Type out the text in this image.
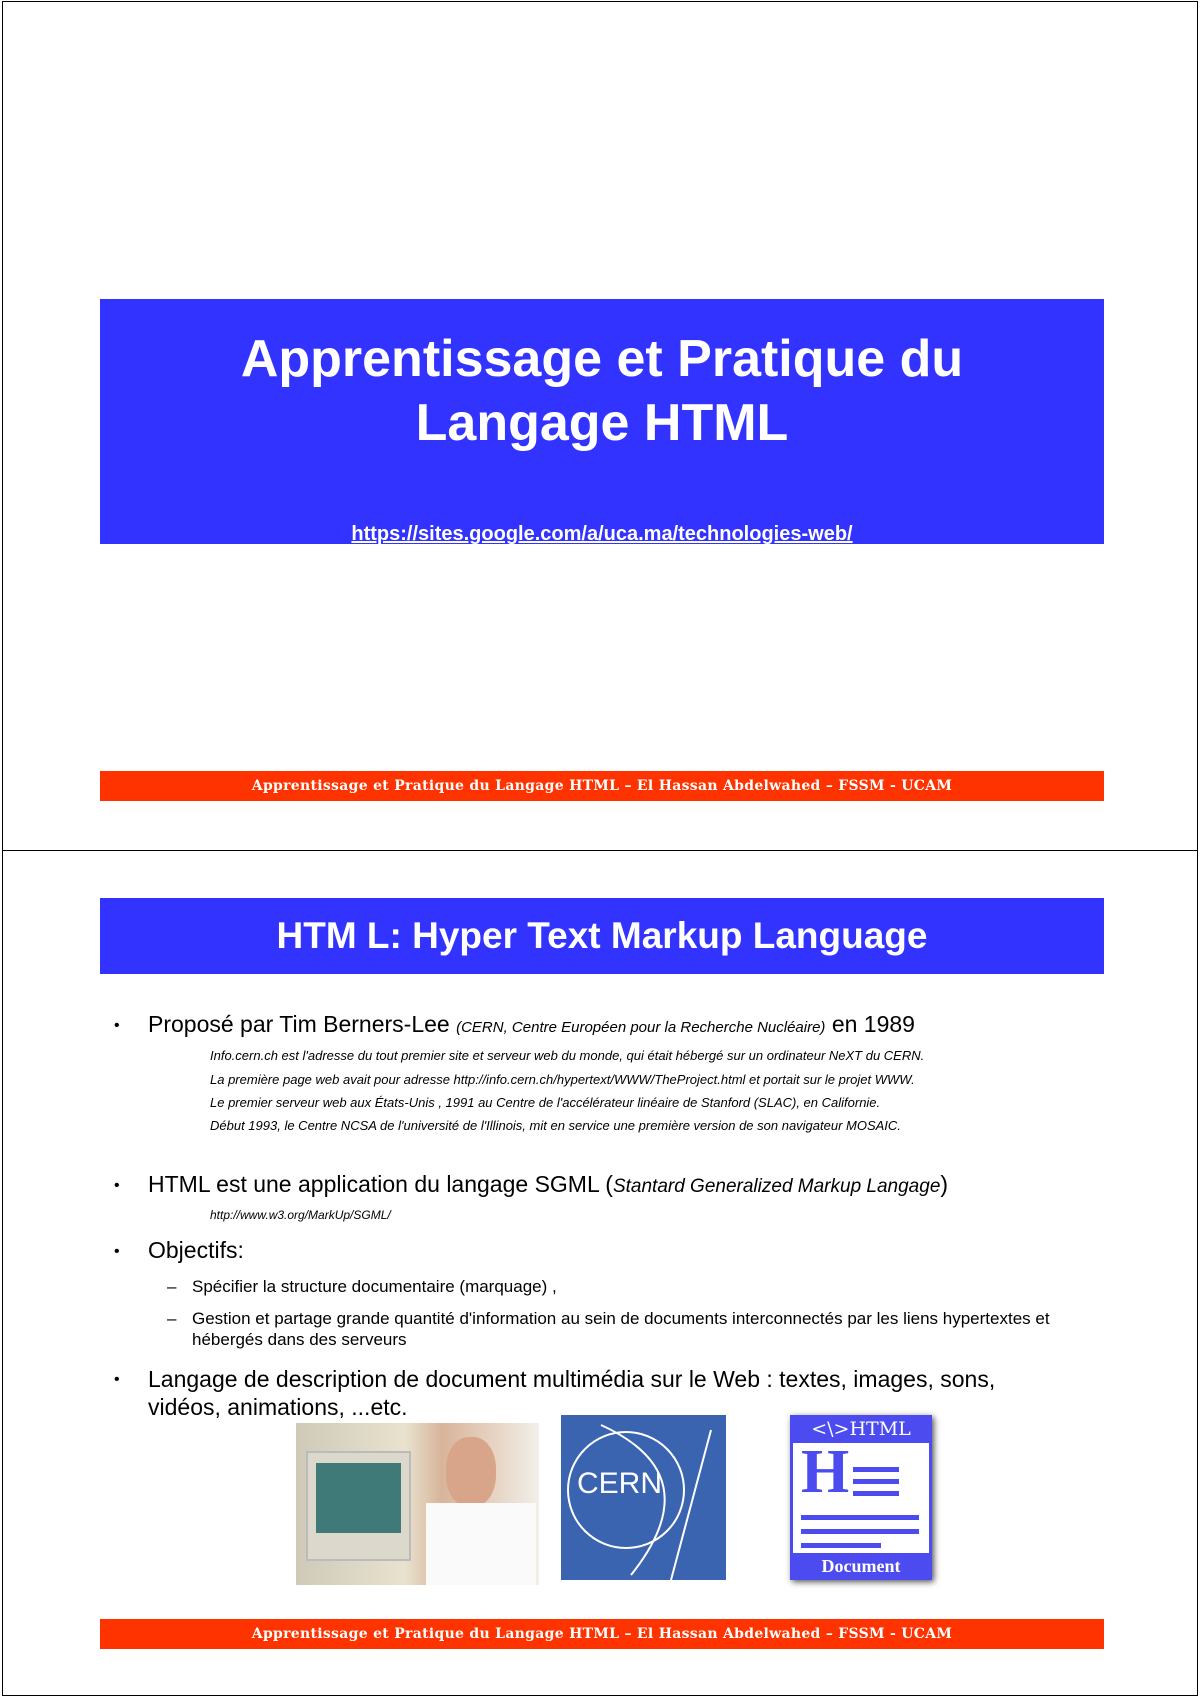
Apprentissage et Pratique du
Langage HTML
https://sites.google.com/a/uca.ma/technologies-web/
Apprentissage et Pratique du Langage HTML – El Hassan Abdelwahed – FSSM - UCAM
HTM L: Hyper Text Markup Language
• Proposé par Tim Berners-Lee (CERN, Centre Européen pour la Recherche Nucléaire) en 1989
Info.cern.ch est l'adresse du tout premier site et serveur web du monde, qui était hébergé sur un ordinateur NeXT du CERN.
La première page web avait pour adresse http://info.cern.ch/hypertext/WWW/TheProject.html et portait sur le projet WWW.
Le premier serveur web aux États-Unis , 1991 au Centre de l'accélérateur linéaire de Stanford (SLAC), en Californie.
Début 1993, le Centre NCSA de l'université de l'Illinois, mit en service une première version de son navigateur MOSAIC.
• HTML est une application du langage SGML (Stantard Generalized Markup Langage)
http://www.w3.org/MarkUp/SGML/
• Objectifs:
– Spécifier la structure documentaire (marquage) ,
– Gestion et partage grande quantité d'information au sein de documents interconnectés par les liens hypertextes et hébergés dans des serveurs
• Langage de description de document multimédia sur le Web : textes, images, sons,
vidéos, animations, ...etc.
CERN
<\>HTML
H
Document
Apprentissage et Pratique du Langage HTML – El Hassan Abdelwahed – FSSM - UCAM
